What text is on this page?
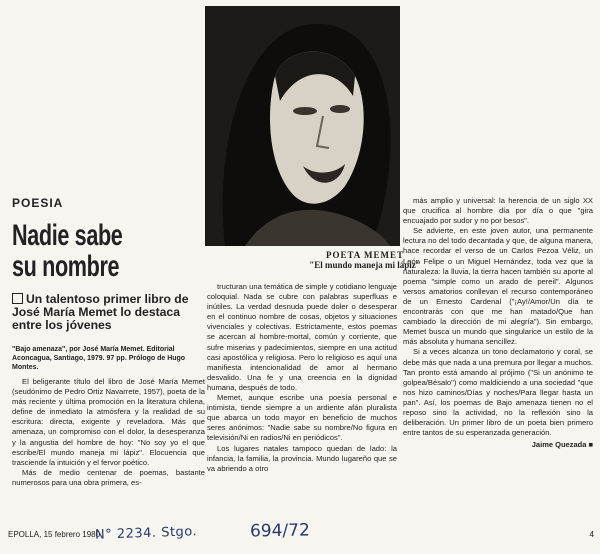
POETA MEMET
"El mundo maneja mi lápiz"
POESIA
Nadie sabe
su nombre
Un talentoso primer libro de José María Memet lo destaca entre los jóvenes
"Bajo amenaza", por José María Memet. Editorial Aconcagua, Santiago, 1979. 97 pp. Prólogo de Hugo Montes.

El beligerante título del libro de José María Memet (seudónimo de Pedro Ortiz Navarrete, 1957), poeta de la más reciente y última promoción en la literatura chilena, define de inmediato la atmósfera y la realidad de su escritura: directa, exigente y reveladora. Más que amenaza, un compromiso con el dolor, la desesperanza y la angustia del hombre de hoy: "No soy yo el que escribe/El mundo maneja mi lápiz". Elocuencia que trasciende la intuición y el fervor poético.

Más de medio centenar de poemas, bastante numerosos para una obra primera, es-

tructuran una temática de simple y cotidiano lenguaje coloquial. Nada se cubre con palabras superfluas e inútiles. La verdad desnuda puede doler o desesperar en el continuo nombre de cosas, objetos y situaciones vivenciales y colectivas. Estrictamente, estos poemas se acercan al hombre-mortal, común y corriente, que sufre miserias y padecimientos, siempre en una actitud casi apostólica y religiosa. Pero lo religioso es aquí una manifiesta intencionalidad de amor al hermano desvalido. Una fe y una creencia en la dignidad humana, después de todo.

Memet, aunque escribe una poesía personal e intimista, tiende siempre a un ardiente afán pluralista que abarca un todo mayor en beneficio de muchos seres anónimos: "Nadie sabe su nombre/No figura en televisión/Ni en radios/Ni en periódicos".

Los lugares natales tampoco quedan de lado: la infancia, la familia, la provincia. Mundo lugareño que se va abriendo a otro

más amplio y universal: la herencia de un siglo XX que crucifica al hombre día por día o que "gira encuajado por sudor y no por besos".

Se advierte, en este joven autor, una permanente lectura no del todo decantada y que, de alguna manera, hace recordar el verso de un Carlos Pezoa Véliz, un León Felipe o un Miguel Hernández, toda vez que la naturaleza: la lluvia, la tierra hacen también su aporte al poema "simple como un arado de pereil". Algunos versos amatorios conllevan el recurso contemporáneo de un Ernesto Cardenal ("¡Ay!/Amor/Un día te encontrarás con que me han matado/Que han cambiado la dirección de mi alegría"). Sin embargo, Memet busca un mundo que singularice un estilo de la más absoluta y humana sencillez.

Si a veces alcanza un tono declamatorio y coral, se debe más que nada a una premura por llegar a muchos. Tan pronto está amando al prójimo ("Si un anónimo te golpea/Bésalo") como maldiciendo a una sociedad "que nos hizo caminos/Días y noches/Para llegar hasta un pan". Así, los poemas de Bajo amenaza tienen no el reposo sino la actividad, no la reflexión sino la deliberación. Un primer libro de un poeta bien primero entre tantos de su esperanzada generación.

Jaime Quezada ■
EPOLLA, 15 febrero 1980
N° 2234. Stgo.	694/72	4
